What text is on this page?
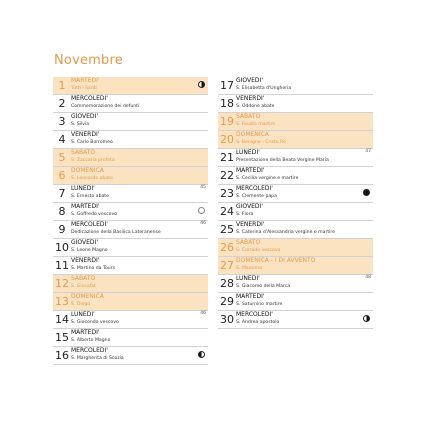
Novembre
1 MARTEDI'
Tutti i Santi
2 MERCOLEDI'
Commemorazione dei defunti
3 GIOVEDI'
S. Silvia
4 VENERDI'
S. Carlo Borromeo
5 SABATO
S. Zaccaria profeta
6 DOMENICA
S. Leonardo abate
7 LUNEDI'
S. Ernesto abate
45
8 MARTEDI'
S. Goffredo vescovo
9 MERCOLEDI'
Dedicazione della Basilica Lateranense
46
10 GIOVEDI'
S. Leone Magno
11 VENERDI'
S. Martino da Tours
12 SABATO
S. Giosafat
13 DOMENICA
S. Diego
14 LUNEDI'
S. Giocondo vescovo
46
15 MARTEDI'
S. Alberto Magno
16 MERCOLEDI'
S. Margherita di Scozia
17 GIOVEDI'
S. Elisabetta d'Ungheria
18 VENERDI'
S. Oddone abate
19 SABATO
S. Fausto martire
20 DOMENICA
S. Benigno - Cristo Re
21 LUNEDI'
Presentazione della Beata Vergine Maria
47
22 MARTEDI'
S. Cecilia vergine e martire
23 MERCOLEDI'
S. Clemente papa
24 GIOVEDI'
S. Flora
25 VENERDI'
S. Caterina d'Alessandria vergine e martire
26 SABATO
S. Corrado vescovo
27 DOMENICA - I DI AVVENTO
S. Massimo
28 LUNEDI'
S. Giacomo della Marca
48
29 MARTEDI'
S. Saturnino martire
30 MERCOLEDI'
S. Andrea apostolo
